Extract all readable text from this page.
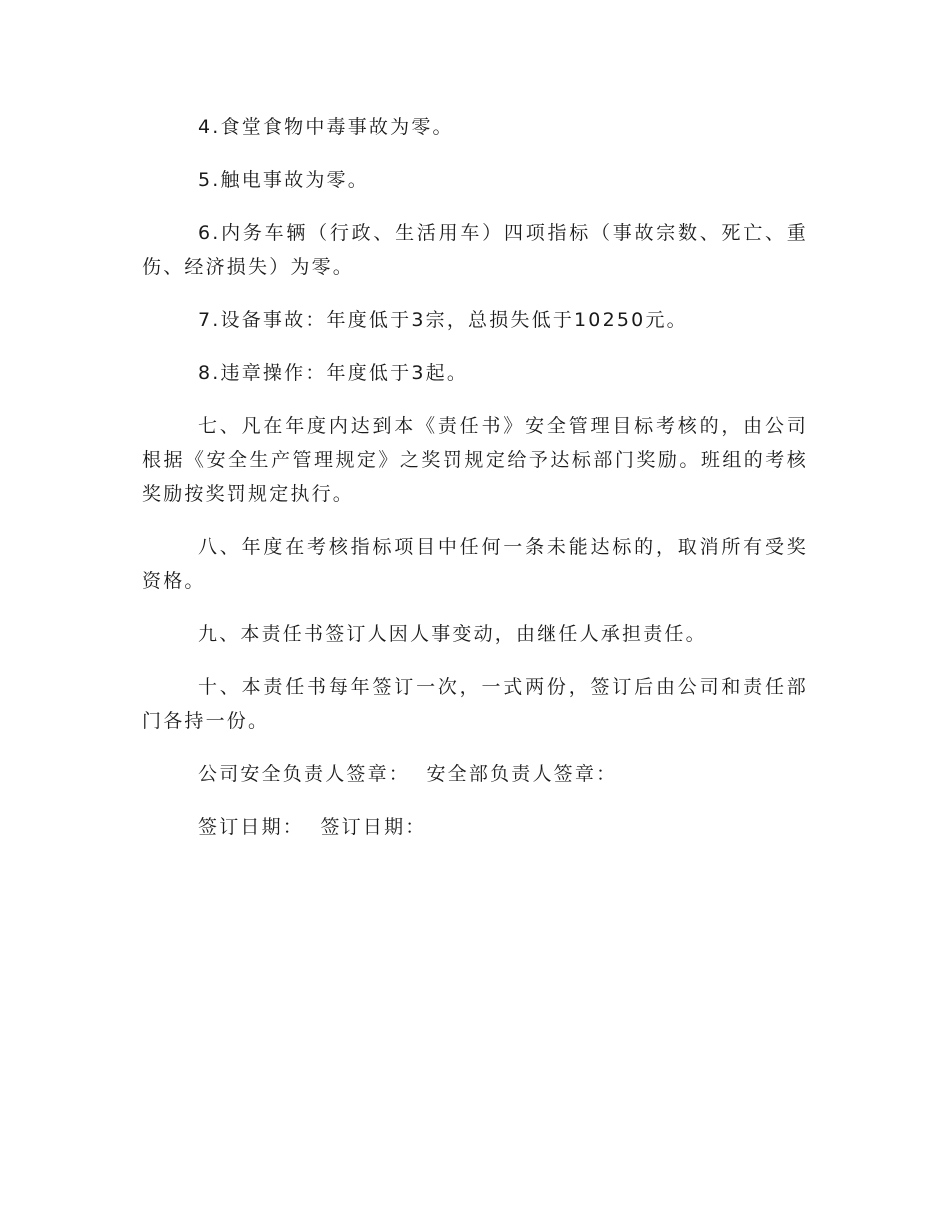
4.食堂食物中毒事故为零。

5.触电事故为零。

6.内务车辆（行政、生活用车）四项指标（事故宗数、死亡、重伤、经济损失）为零。

7.设备事故：年度低于3宗，总损失低于10250元。

8.违章操作：年度低于3起。

七、凡在年度内达到本《责任书》安全管理目标考核的，由公司根据《安全生产管理规定》之奖罚规定给予达标部门奖励。班组的考核奖励按奖罚规定执行。

八、年度在考核指标项目中任何一条未能达标的，取消所有受奖资格。

九、本责任书签订人因人事变动，由继任人承担责任。

十、本责任书每年签订一次，一式两份，签订后由公司和责任部门各持一份。

公司安全负责人签章：  安全部负责人签章：

签订日期：  签订日期：
